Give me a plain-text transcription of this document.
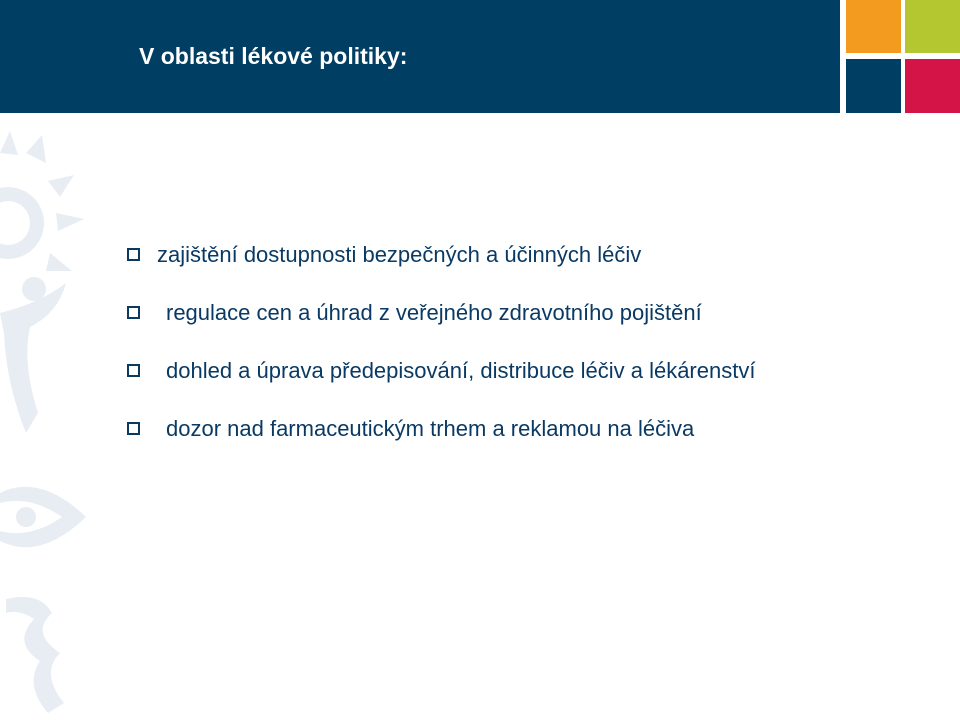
V oblasti lékové politiky:
zajištění dostupnosti bezpečných a účinných léčiv
regulace cen a úhrad z veřejného zdravotního pojištění
dohled a úprava předepisování, distribuce léčiv a lékárenství
dozor nad farmaceutickým trhem a reklamou na léčiva
